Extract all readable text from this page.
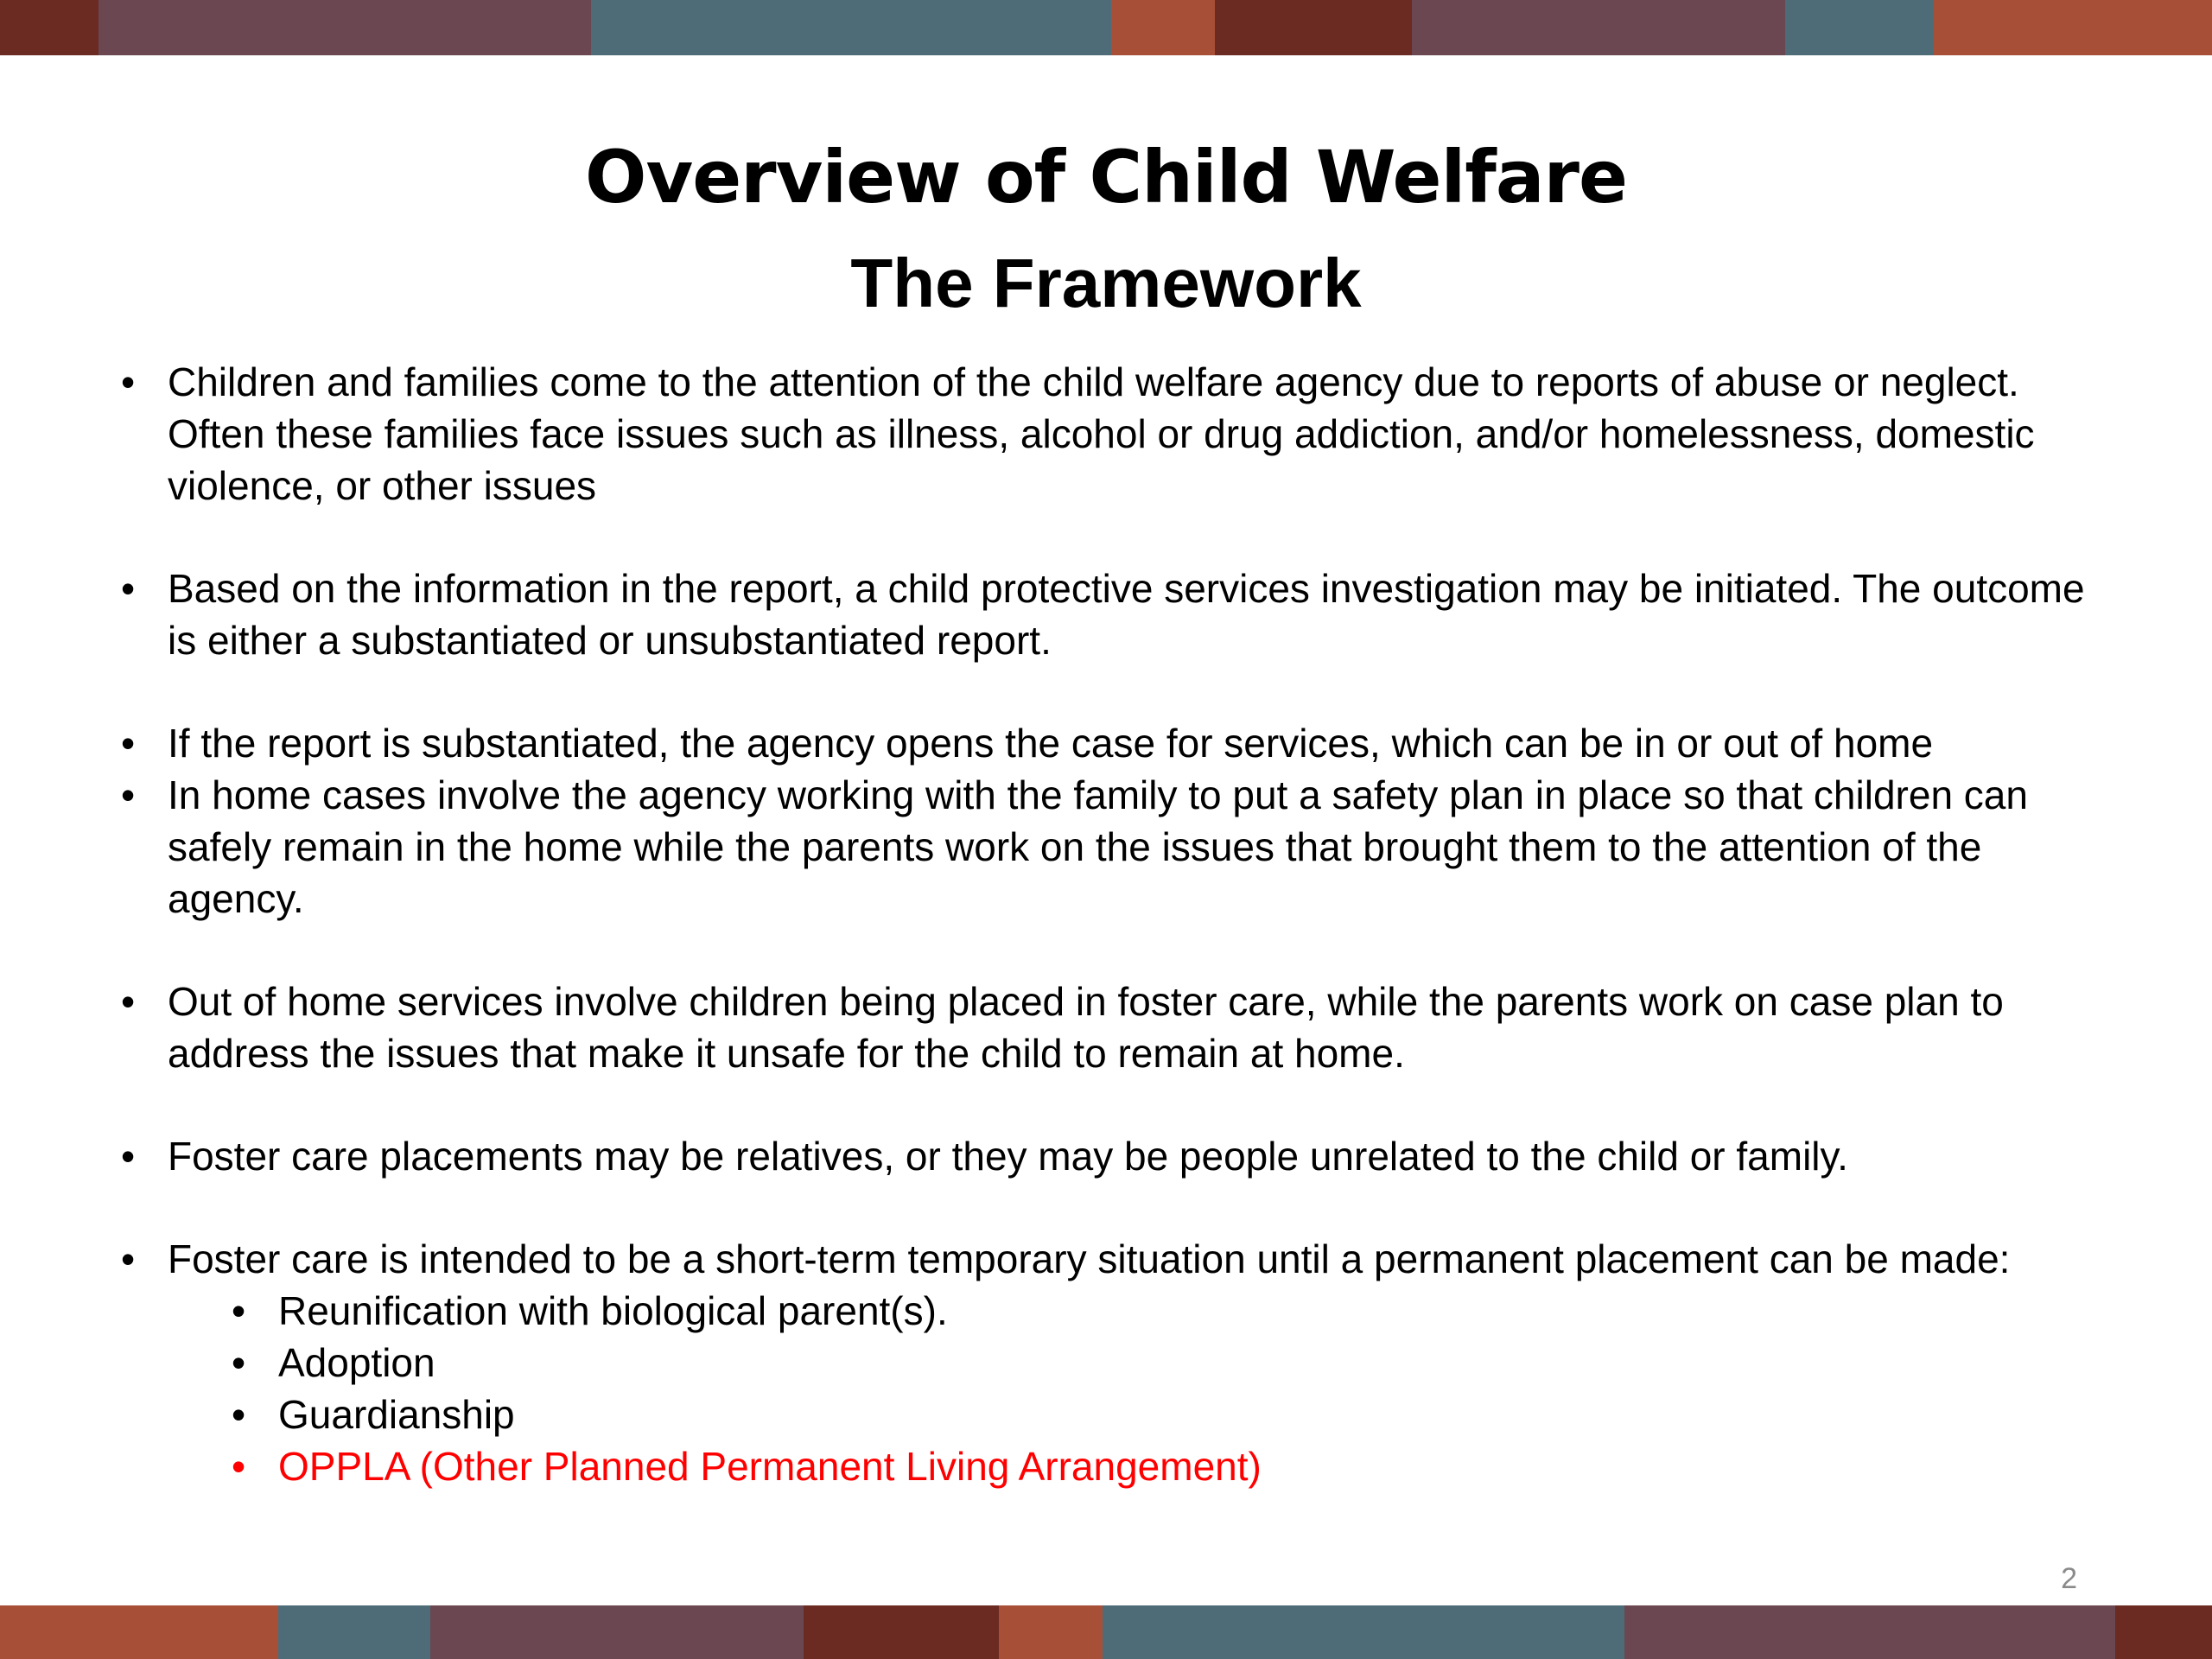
Overview of Child Welfare
The Framework
• Children and families come to the attention of the child welfare agency due to reports of abuse or neglect. Often these families face issues such as illness, alcohol or drug addiction, and/or homelessness, domestic violence, or other issues
• Based on the information in the report, a child protective services investigation may be initiated. The outcome is either a substantiated or unsubstantiated report.
• If the report is substantiated, the agency opens the case for services, which can be in or out of home
• In home cases involve the agency working with the family to put a safety plan in place so that children can safely remain in the home while the parents work on the issues that brought them to the attention of the agency.
• Out of home services involve children being placed in foster care, while the parents work on case plan to address the issues that make it unsafe for the child to remain at home.
• Foster care placements may be relatives, or they may be people unrelated to the child or family.
• Foster care is intended to be a short-term temporary situation until a permanent placement can be made:
• Reunification with biological parent(s).
• Adoption
• Guardianship
• OPPLA (Other Planned Permanent Living Arrangement)
2
